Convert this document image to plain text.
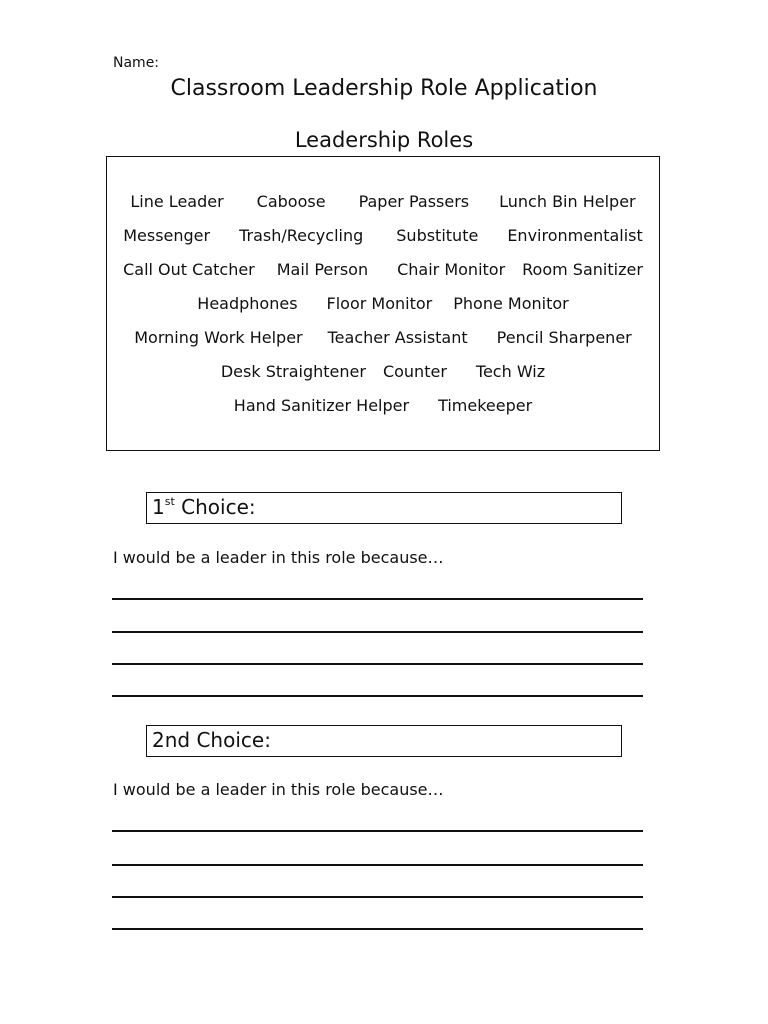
Name:
Classroom Leadership Role Application
Leadership Roles
Line Leader Caboose Paper Passers Lunch Bin Helper
Messenger Trash/Recycling Substitute Environmentalist
Call Out Catcher Mail Person Chair Monitor Room Sanitizer
Headphones Floor Monitor Phone Monitor
Morning Work Helper Teacher Assistant Pencil Sharpener
Desk Straightener Counter Tech Wiz
Hand Sanitizer Helper Timekeeper
1st Choice:
I would be a leader in this role because…
2nd Choice:
I would be a leader in this role because…
